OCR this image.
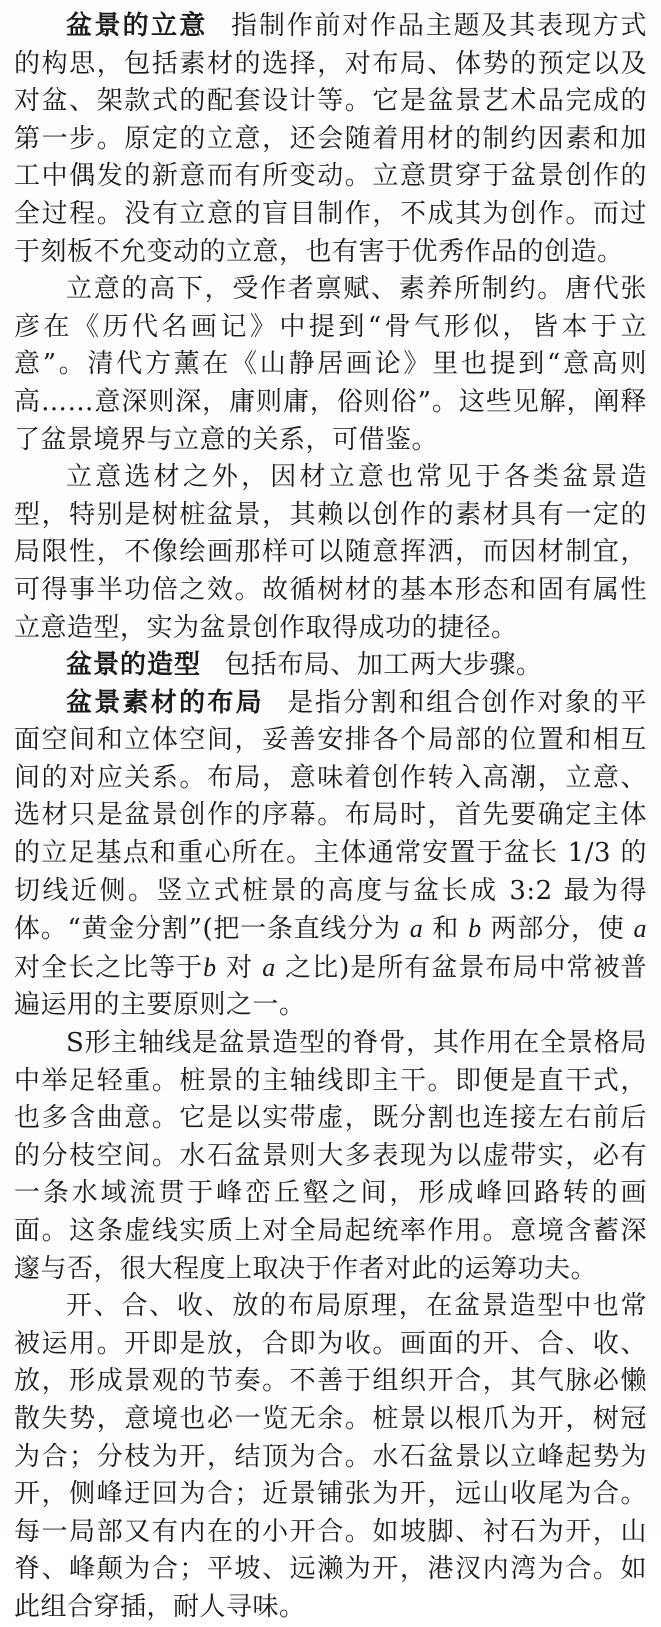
盆景的立意 指制作前对作品主题及其表现方式的构思，包括素材的选择，对布局、体势的预定以及对盆、架款式的配套设计等。它是盆景艺术品完成的第一步。原定的立意，还会随着用材的制约因素和加工中偶发的新意而有所变动。立意贯穿于盆景创作的全过程。没有立意的盲目制作，不成其为创作。而过于刻板不允变动的立意，也有害于优秀作品的创造。

立意的高下，受作者禀赋、素养所制约。唐代张彦在《历代名画记》中提到“骨气形似，皆本于立意”。清代方薰在《山静居画论》里也提到“意高则高……意深则深，庸则庸，俗则俗”。这些见解，阐释了盆景境界与立意的关系，可借鉴。

立意选材之外，因材立意也常见于各类盆景造型，特别是树桩盆景，其赖以创作的素材具有一定的局限性，不像绘画那样可以随意挥洒，而因材制宜，可得事半功倍之效。故循树材的基本形态和固有属性立意造型，实为盆景创作取得成功的捷径。

盆景的造型 包括布局、加工两大步骤。

盆景素材的布局 是指分割和组合创作对象的平面空间和立体空间，妥善安排各个局部的位置和相互间的对应关系。布局，意味着创作转入高潮，立意、选材只是盆景创作的序幕。布局时，首先要确定主体的立足基点和重心所在。主体通常安置于盆长 1/3 的切线近侧。竖立式桩景的高度与盆长成 3:2 最为得体。“黄金分割”(把一条直线分为 a 和 b 两部分，使 a 对全长之比等于b 对 a 之比)是所有盆景布局中常被普遍运用的主要原则之一。

S形主轴线是盆景造型的脊骨，其作用在全景格局中举足轻重。桩景的主轴线即主干。即便是直干式，也多含曲意。它是以实带虚，既分割也连接左右前后的分枝空间。水石盆景则大多表现为以虚带实，必有一条水域流贯于峰峦丘壑之间，形成峰回路转的画面。这条虚线实质上对全局起统率作用。意境含蓄深邃与否，很大程度上取决于作者对此的运筹功夫。

开、合、收、放的布局原理，在盆景造型中也常被运用。开即是放，合即为收。画面的开、合、收、放，形成景观的节奏。不善于组织开合，其气脉必懒散失势，意境也必一览无余。桩景以根爪为开，树冠为合；分枝为开，结顶为合。水石盆景以立峰起势为开，侧峰迂回为合；近景铺张为开，远山收尾为合。每一局部又有内在的小开合。如坡脚、衬石为开，山脊、峰颠为合；平坡、远濑为开，港汊内湾为合。如此组合穿插，耐人寻味。
